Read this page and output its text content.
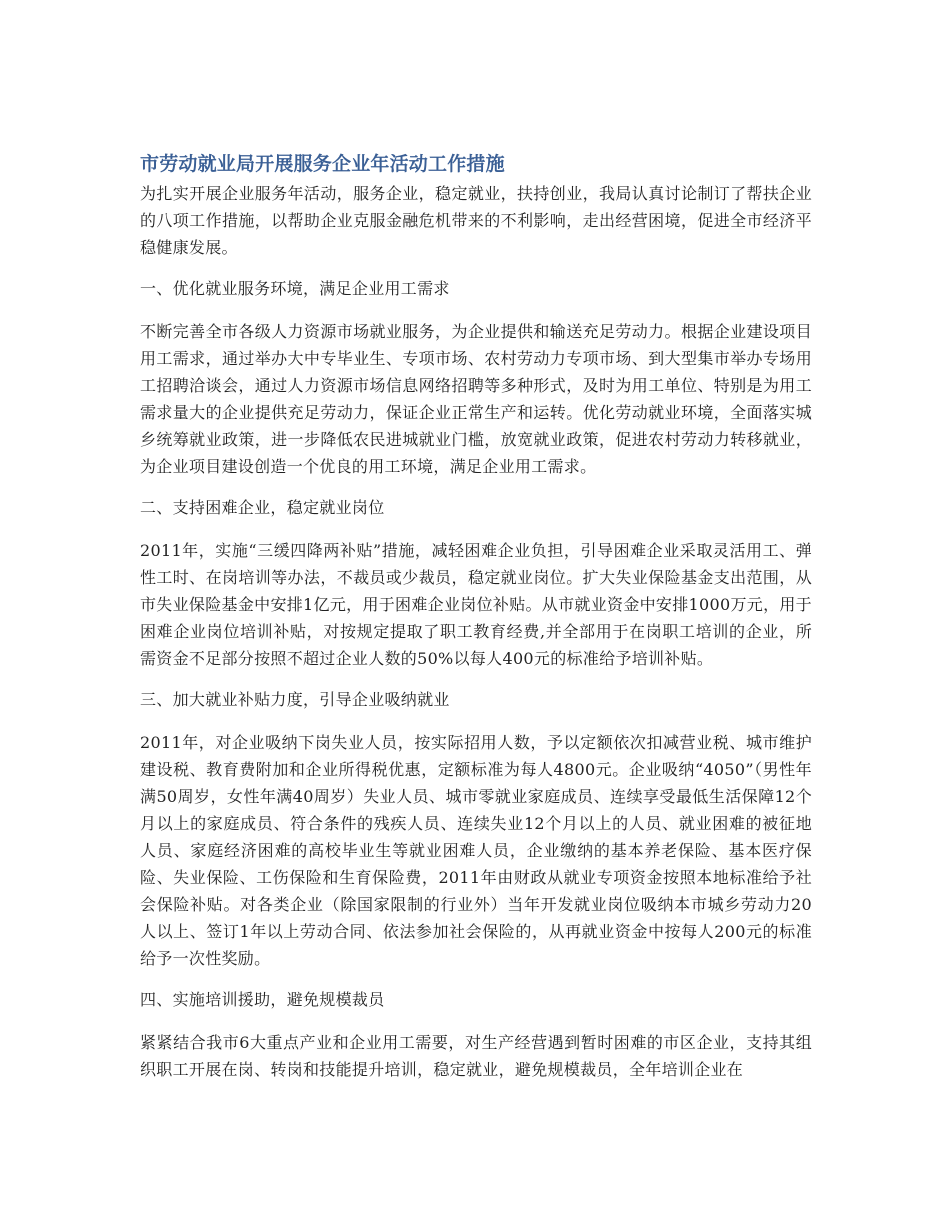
市劳动就业局开展服务企业年活动工作措施

为扎实开展企业服务年活动，服务企业，稳定就业，扶持创业，我局认真讨论制订了帮扶企业的八项工作措施，以帮助企业克服金融危机带来的不利影响，走出经营困境，促进全市经济平稳健康发展。

一、优化就业服务环境，满足企业用工需求

不断完善全市各级人力资源市场就业服务，为企业提供和输送充足劳动力。根据企业建设项目用工需求，通过举办大中专毕业生、专项市场、农村劳动力专项市场、到大型集市举办专场用工招聘洽谈会，通过人力资源市场信息网络招聘等多种形式，及时为用工单位、特别是为用工需求量大的企业提供充足劳动力，保证企业正常生产和运转。优化劳动就业环境，全面落实城乡统筹就业政策，进一步降低农民进城就业门槛，放宽就业政策，促进农村劳动力转移就业，为企业项目建设创造一个优良的用工环境，满足企业用工需求。

二、支持困难企业，稳定就业岗位

2011年，实施“三缓四降两补贴”措施，减轻困难企业负担，引导困难企业采取灵活用工、弹性工时、在岗培训等办法，不裁员或少裁员，稳定就业岗位。扩大失业保险基金支出范围，从市失业保险基金中安排1亿元，用于困难企业岗位补贴。从市就业资金中安排1000万元，用于困难企业岗位培训补贴，对按规定提取了职工教育经费,并全部用于在岗职工培训的企业，所需资金不足部分按照不超过企业人数的50%以每人400元的标准给予培训补贴。

三、加大就业补贴力度，引导企业吸纳就业

2011年，对企业吸纳下岗失业人员，按实际招用人数，予以定额依次扣减营业税、城市维护建设税、教育费附加和企业所得税优惠，定额标准为每人4800元。企业吸纳“4050”（男性年满50周岁，女性年满40周岁）失业人员、城市零就业家庭成员、连续享受最低生活保障12个月以上的家庭成员、符合条件的残疾人员、连续失业12个月以上的人员、就业困难的被征地人员、家庭经济困难的高校毕业生等就业困难人员，企业缴纳的基本养老保险、基本医疗保险、失业保险、工伤保险和生育保险费，2011年由财政从就业专项资金按照本地标准给予社会保险补贴。对各类企业（除国家限制的行业外）当年开发就业岗位吸纳本市城乡劳动力20人以上、签订1年以上劳动合同、依法参加社会保险的，从再就业资金中按每人200元的标准给予一次性奖励。

四、实施培训援助，避免规模裁员

紧紧结合我市6大重点产业和企业用工需要，对生产经营遇到暂时困难的市区企业，支持其组织职工开展在岗、转岗和技能提升培训，稳定就业，避免规模裁员，全年培训企业在
